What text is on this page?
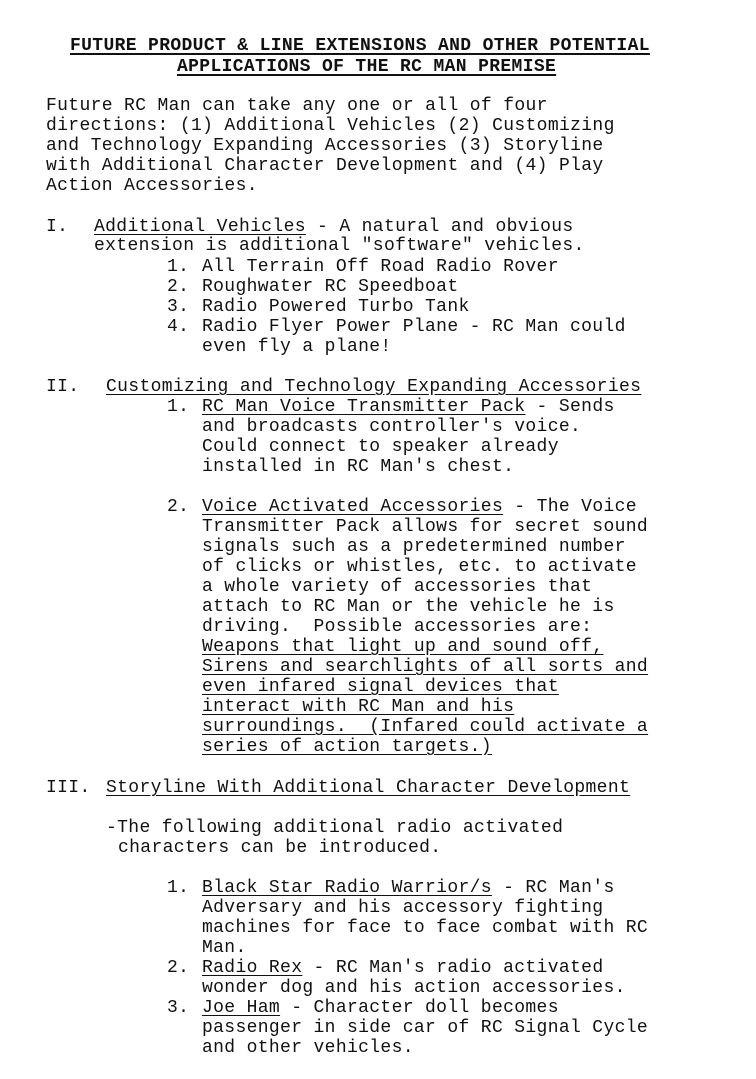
FUTURE PRODUCT & LINE EXTENSIONS AND OTHER POTENTIAL
APPLICATIONS OF THE RC MAN PREMISE
Future RC Man can take any one or all of four
directions: (1) Additional Vehicles (2) Customizing
and Technology Expanding Accessories (3) Storyline
with Additional Character Development and (4) Play
Action Accessories.
I. Additional Vehicles - A natural and obvious
extension is additional "software" vehicles.
1. All Terrain Off Road Radio Rover
2. Roughwater RC Speedboat
3. Radio Powered Turbo Tank
4. Radio Flyer Power Plane - RC Man could
even fly a plane!
II. Customizing and Technology Expanding Accessories
1. RC Man Voice Transmitter Pack - Sends
and broadcasts controller's voice.
Could connect to speaker already
installed in RC Man's chest.
2. Voice Activated Accessories - The Voice
Transmitter Pack allows for secret sound
signals such as a predetermined number
of clicks or whistles, etc. to activate
a whole variety of accessories that
attach to RC Man or the vehicle he is
driving.  Possible accessories are:
Weapons that light up and sound off,
Sirens and searchlights of all sorts and
even infared signal devices that
interact with RC Man and his
surroundings.  (Infared could activate a
series of action targets.)
III. Storyline With Additional Character Development
-The following additional radio activated
characters can be introduced.
1. Black Star Radio Warrior/s - RC Man's
Adversary and his accessory fighting
machines for face to face combat with RC
Man.
2. Radio Rex - RC Man's radio activated
wonder dog and his action accessories.
3. Joe Ham - Character doll becomes
passenger in side car of RC Signal Cycle
and other vehicles.
